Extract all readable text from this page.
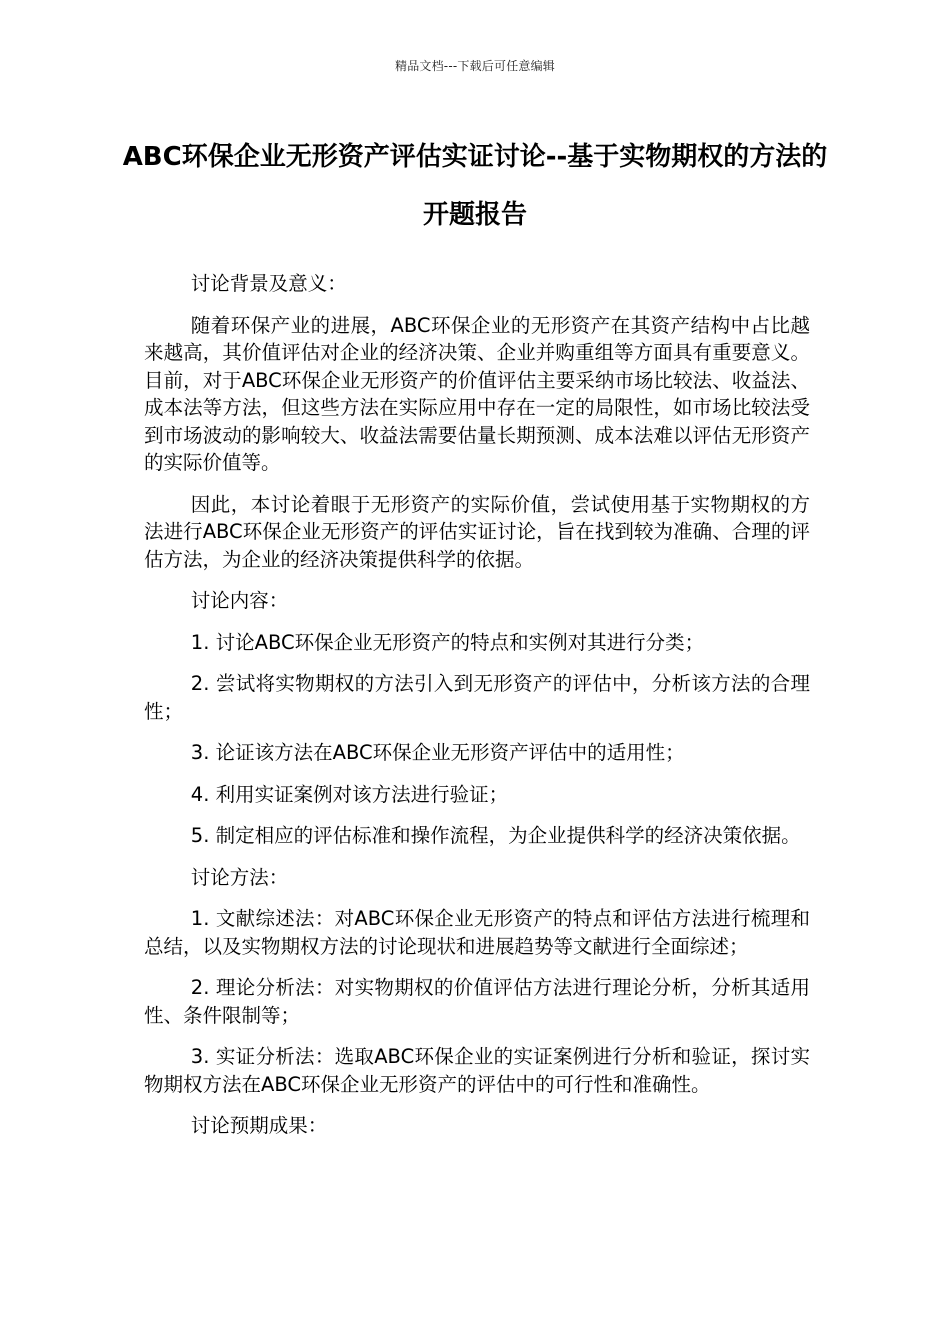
精品文档---下载后可任意编辑
ABC环保企业无形资产评估实证讨论--基于实物期权的方法的开题报告

讨论背景及意义：

随着环保产业的进展，ABC环保企业的无形资产在其资产结构中占比越来越高，其价值评估对企业的经济决策、企业并购重组等方面具有重要意义。目前，对于ABC环保企业无形资产的价值评估主要采纳市场比较法、收益法、成本法等方法，但这些方法在实际应用中存在一定的局限性，如市场比较法受到市场波动的影响较大、收益法需要估量长期预测、成本法难以评估无形资产的实际价值等。

因此，本讨论着眼于无形资产的实际价值，尝试使用基于实物期权的方法进行ABC环保企业无形资产的评估实证讨论，旨在找到较为准确、合理的评估方法，为企业的经济决策提供科学的依据。

讨论内容：

1. 讨论ABC环保企业无形资产的特点和实例对其进行分类；

2. 尝试将实物期权的方法引入到无形资产的评估中，分析该方法的合理性；

3. 论证该方法在ABC环保企业无形资产评估中的适用性；

4. 利用实证案例对该方法进行验证；

5. 制定相应的评估标准和操作流程，为企业提供科学的经济决策依据。

讨论方法：

1. 文献综述法：对ABC环保企业无形资产的特点和评估方法进行梳理和总结，以及实物期权方法的讨论现状和进展趋势等文献进行全面综述；

2. 理论分析法：对实物期权的价值评估方法进行理论分析，分析其适用性、条件限制等；

3. 实证分析法：选取ABC环保企业的实证案例进行分析和验证，探讨实物期权方法在ABC环保企业无形资产的评估中的可行性和准确性。

讨论预期成果：
